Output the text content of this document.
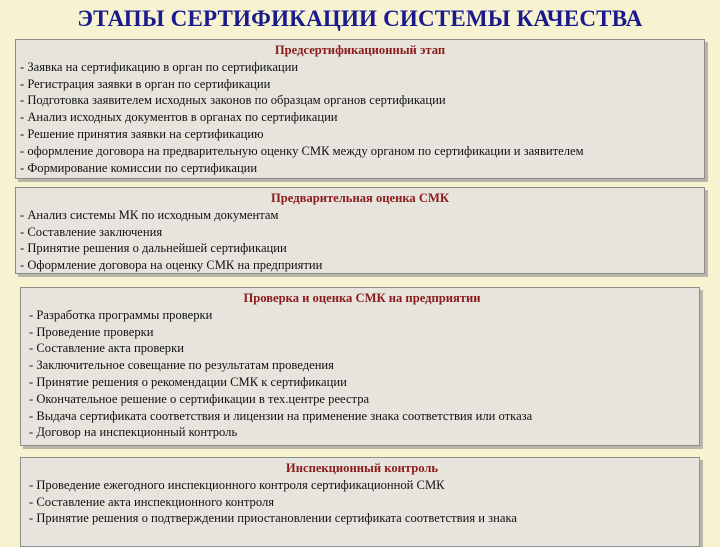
ЭТАПЫ СЕРТИФИКАЦИИ СИСТЕМЫ КАЧЕСТВА
Предсертификационный этап
- Заявка на сертификацию в орган по сертификации
- Регистрация заявки в орган по сертификации
- Подготовка заявителем исходных законов по образцам органов сертификации
- Анализ исходных документов в органах по сертификации
- Решение принятия заявки на сертификацию
- оформление договора на предварительную оценку СМК между органом по сертификации и заявителем
- Формирование комиссии по сертификации
Предварительная оценка СМК
- Анализ системы МК по исходным документам
- Составление заключения
- Принятие решения о дальнейшей сертификации
- Оформление договора на оценку СМК на предприятии
Проверка и оценка СМК на предприятии
- Разработка программы проверки
- Проведение проверки
- Составление акта проверки
- Заключительное совещание по результатам проведения
- Принятие решения о рекомендации СМК к сертификации
- Окончательное решение о сертификации в тех.центре реестра
- Выдача сертификата соответствия и лицензии на применение знака соответствия или отказа
- Договор на инспекционный контроль
Инспекционный контроль
- Проведение ежегодного инспекционного контроля сертификационной СМК
- Составление акта инспекционного контроля
- Принятие решения о подтверждении приостановлении сертификата соответствия и знака
